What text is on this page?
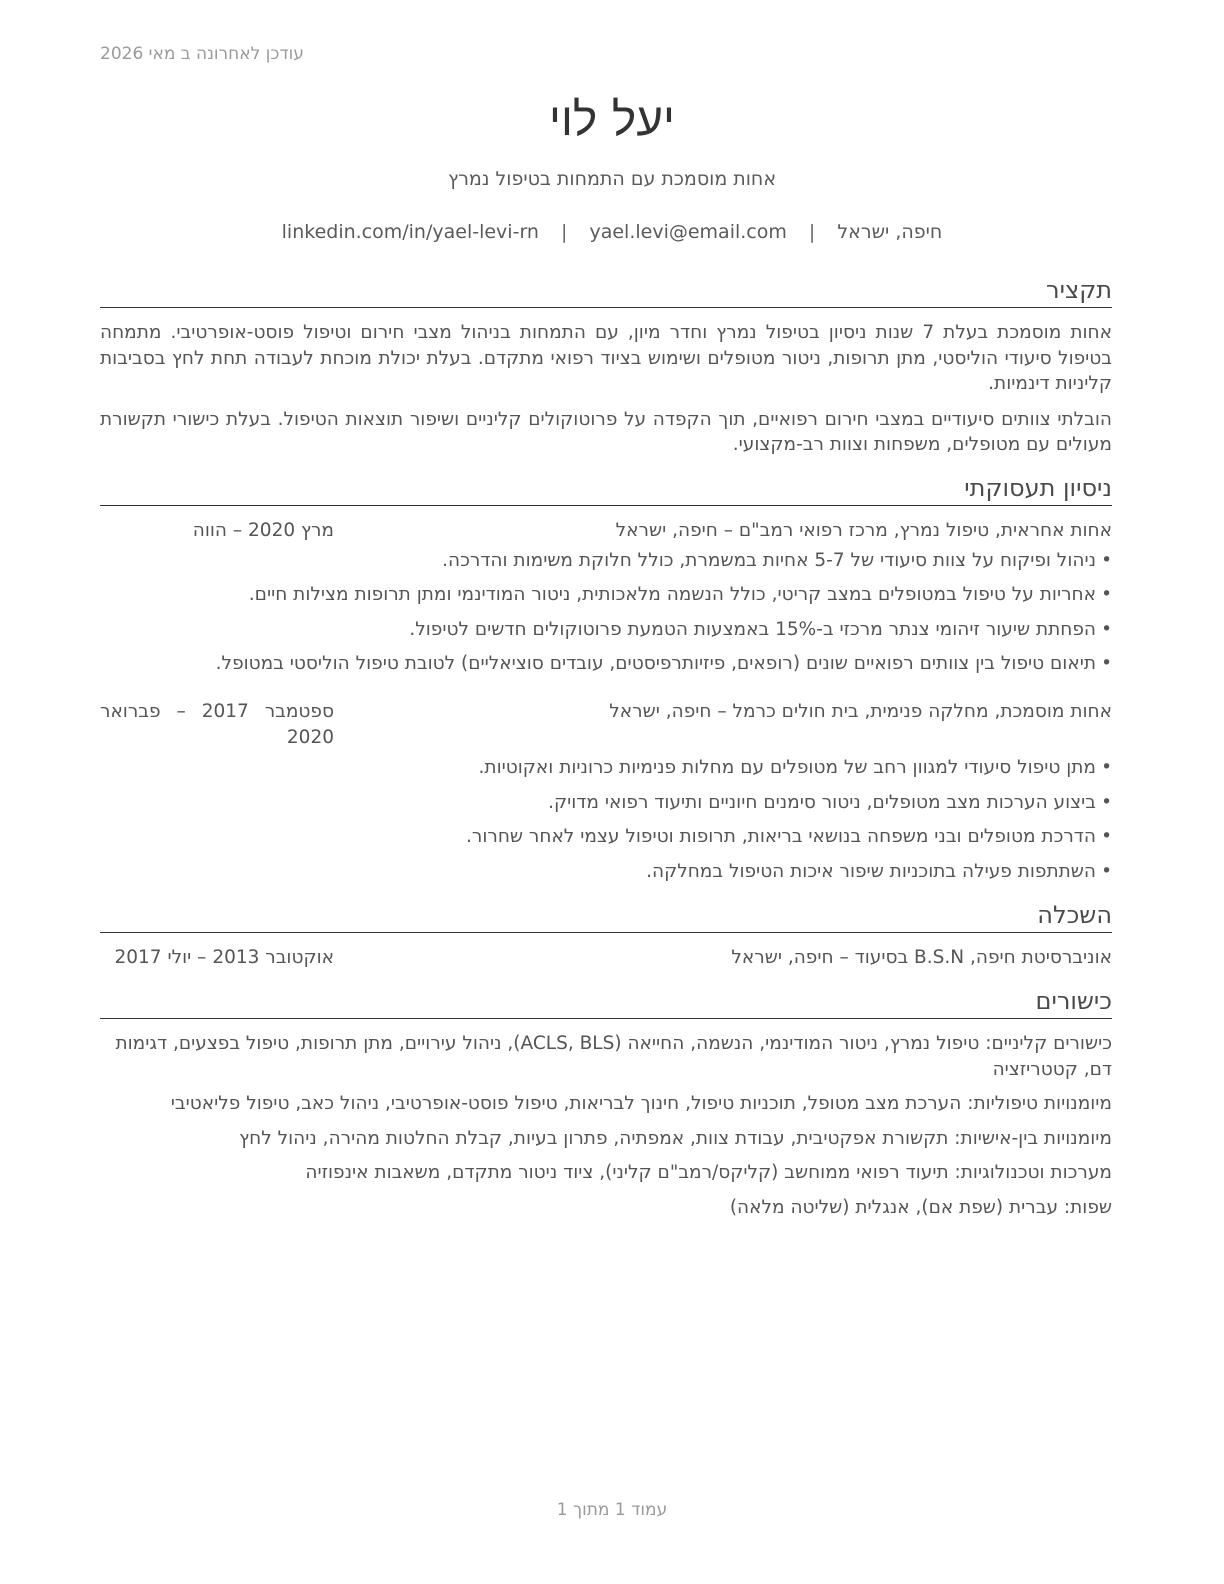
עודכן לאחרונה ב מאי 2026
יעל לוי
אחות מוסמכת עם התמחות בטיפול נמרץ
חיפה, ישראל | yael.levi@email.com | linkedin.com/in/yael-levi-rn
תקציר

אחות מוסמכת בעלת 7 שנות ניסיון בטיפול נמרץ וחדר מיון, עם התמחות בניהול מצבי חירום וטיפול פוסט-אופרטיבי. מתמחה בטיפול סיעודי הוליסטי, מתן תרופות, ניטור מטופלים ושימוש בציוד רפואי מתקדם. בעלת יכולת מוכחת לעבודה תחת לחץ בסביבות קליניות דינמיות.

הובלתי צוותים סיעודיים במצבי חירום רפואיים, תוך הקפדה על פרוטוקולים קליניים ושיפור תוצאות הטיפול. בעלת כישורי תקשורת מעולים עם מטופלים, משפחות וצוות רב-מקצועי.

ניסיון תעסוקתי
אחות אחראית, טיפול נמרץ, מרכז רפואי רמב"ם – חיפה, ישראל
מרץ 2020 – הווה
• ניהול ופיקוח על צוות סיעודי של 5-7 אחיות במשמרת, כולל חלוקת משימות והדרכה.
• אחריות על טיפול במטופלים במצב קריטי, כולל הנשמה מלאכותית, ניטור המודינמי ומתן תרופות מצילות חיים.
• הפחתת שיעור זיהומי צנתר מרכזי ב-15% באמצעות הטמעת פרוטוקולים חדשים לטיפול.
• תיאום טיפול בין צוותים רפואיים שונים (רופאים, פיזיותרפיסטים, עובדים סוציאליים) לטובת טיפול הוליסטי במטופל.
אחות מוסמכת, מחלקה פנימית, בית חולים כרמל – חיפה, ישראל
ספטמבר 2017 – פברואר 2020
• מתן טיפול סיעודי למגוון רחב של מטופלים עם מחלות פנימיות כרוניות ואקוטיות.
• ביצוע הערכות מצב מטופלים, ניטור סימנים חיוניים ותיעוד רפואי מדויק.
• הדרכת מטופלים ובני משפחה בנושאי בריאות, תרופות וטיפול עצמי לאחר שחרור.
• השתתפות פעילה בתוכניות שיפור איכות הטיפול במחלקה.
השכלה
אוניברסיטת חיפה, B.S.N בסיעוד – חיפה, ישראל
אוקטובר 2013 – יולי 2017
כישורים
כישורים קליניים: טיפול נמרץ, ניטור המודינמי, הנשמה, החייאה (ACLS, BLS), ניהול עירויים, מתן תרופות, טיפול בפצעים, דגימות דם, קטטריזציה
מיומנויות טיפוליות: הערכת מצב מטופל, תוכניות טיפול, חינוך לבריאות, טיפול פוסט-אופרטיבי, ניהול כאב, טיפול פליאטיבי
מיומנויות בין-אישיות: תקשורת אפקטיבית, עבודת צוות, אמפתיה, פתרון בעיות, קבלת החלטות מהירה, ניהול לחץ
מערכות וטכנולוגיות: תיעוד רפואי ממוחשב (קליקס/רמב"ם קליני), ציוד ניטור מתקדם, משאבות אינפוזיה
שפות: עברית (שפת אם), אנגלית (שליטה מלאה)
עמוד 1 מתוך 1
